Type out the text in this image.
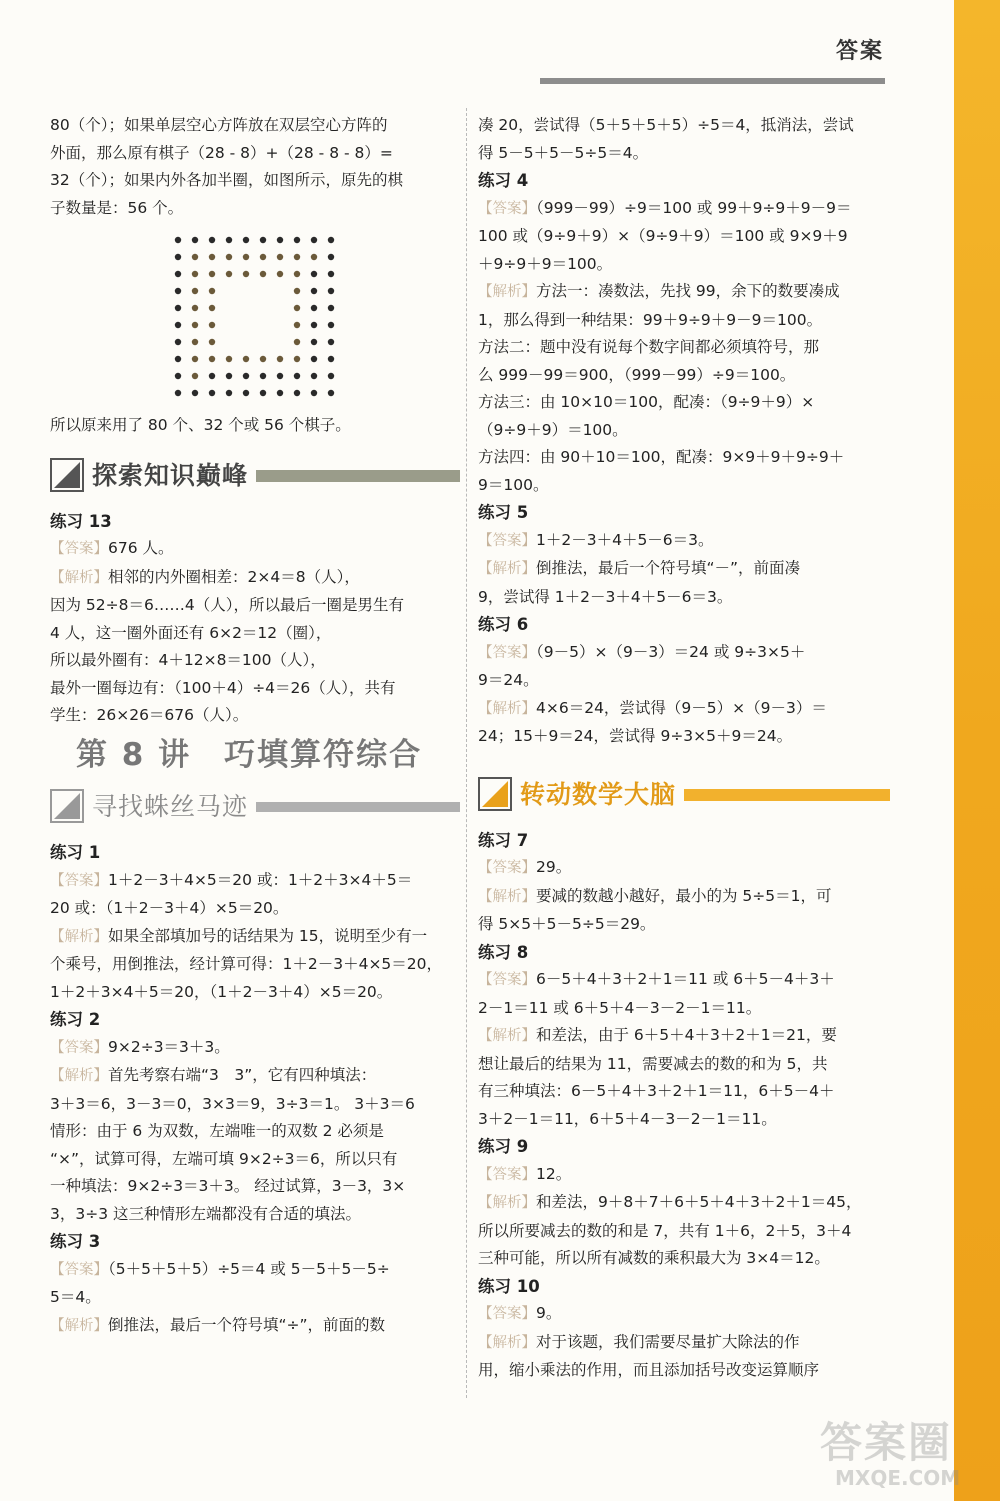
答案

80（个）；如果单层空心方阵放在双层空心方阵的

外面，那么原有棋子（28 - 8）+（28 - 8 - 8）=

32（个）；如果内外各加半圈，如图所示，原先的棋

子数量是：56 个。

所以原来用了 80 个、32 个或 56 个棋子。

探索知识巅峰

练习 13

【答案】676 人。

【解析】相邻的内外圈相差：2×4＝8（人），

因为 52÷8＝6……4（人），所以最后一圈是男生有

4 人，这一圈外面还有 6×2＝12（圈），

所以最外圈有：4＋12×8＝100（人），

最外一圈每边有：（100＋4）÷4＝26（人），共有

学生：26×26＝676（人）。

第 8 讲　巧填算符综合
寻找蛛丝马迹

练习 1

【答案】1＋2－3＋4×5＝20 或：1＋2＋3×4＋5＝

20 或：（1＋2－3＋4）×5＝20。

【解析】如果全部填加号的话结果为 15，说明至少有一

个乘号，用倒推法，经计算可得：1＋2－3＋4×5＝20，

1＋2＋3×4＋5＝20，（1＋2－3＋4）×5＝20。

练习 2

【答案】9×2÷3＝3＋3。

【解析】首先考察右端“3　3”，它有四种填法：

3＋3＝6，3－3＝0，3×3＝9，3÷3＝1。 3＋3＝6

情形：由于 6 为双数，左端唯一的双数 2 必须是

“×”，试算可得，左端可填 9×2÷3＝6，所以只有

一种填法：9×2÷3＝3＋3。 经过试算，3－3，3×

3，3÷3 这三种情形左端都没有合适的填法。

练习 3

【答案】（5＋5＋5＋5）÷5＝4 或 5－5＋5－5÷

5＝4。

【解析】倒推法，最后一个符号填“÷”，前面的数

凑 20，尝试得（5＋5＋5＋5）÷5＝4，抵消法，尝试

得 5－5＋5－5÷5＝4。

练习 4

【答案】（999－99）÷9＝100 或 99＋9÷9＋9－9＝

100 或（9÷9＋9）×（9÷9＋9）＝100 或 9×9＋9

＋9÷9＋9＝100。

【解析】方法一：凑数法，先找 99，余下的数要凑成

1，那么得到一种结果：99＋9÷9＋9－9＝100。

方法二：题中没有说每个数字间都必须填符号，那

么 999－99＝900，（999－99）÷9＝100。

方法三：由 10×10＝100，配凑：（9÷9＋9）×

（9÷9＋9）＝100。

方法四：由 90＋10＝100，配凑：9×9＋9＋9÷9＋

9＝100。

练习 5

【答案】1＋2－3＋4＋5－6＝3。

【解析】倒推法，最后一个符号填“－”，前面凑

9，尝试得 1＋2－3＋4＋5－6＝3。

练习 6

【答案】（9－5）×（9－3）＝24 或 9÷3×5＋

9＝24。

【解析】4×6＝24，尝试得（9－5）×（9－3）＝

24；15＋9＝24，尝试得 9÷3×5＋9＝24。

转动数学大脑

练习 7

【答案】29。

【解析】要减的数越小越好，最小的为 5÷5＝1，可

得 5×5＋5－5÷5＝29。

练习 8

【答案】6－5＋4＋3＋2＋1＝11 或 6＋5－4＋3＋

2－1＝11 或 6＋5＋4－3－2－1＝11。

【解析】和差法，由于 6＋5＋4＋3＋2＋1＝21，要

想让最后的结果为 11，需要减去的数的和为 5，共

有三种填法：6－5＋4＋3＋2＋1＝11，6＋5－4＋

3＋2－1＝11，6＋5＋4－3－2－1＝11。

练习 9

【答案】12。

【解析】和差法，9＋8＋7＋6＋5＋4＋3＋2＋1＝45，

所以所要减去的数的和是 7，共有 1＋6，2＋5，3＋4

三种可能，所以所有减数的乘积最大为 3×4＝12。

练习 10

【答案】9。

【解析】对于该题，我们需要尽量扩大除法的作

用，缩小乘法的作用，而且添加括号改变运算顺序

答案圈
MXQE.COM
